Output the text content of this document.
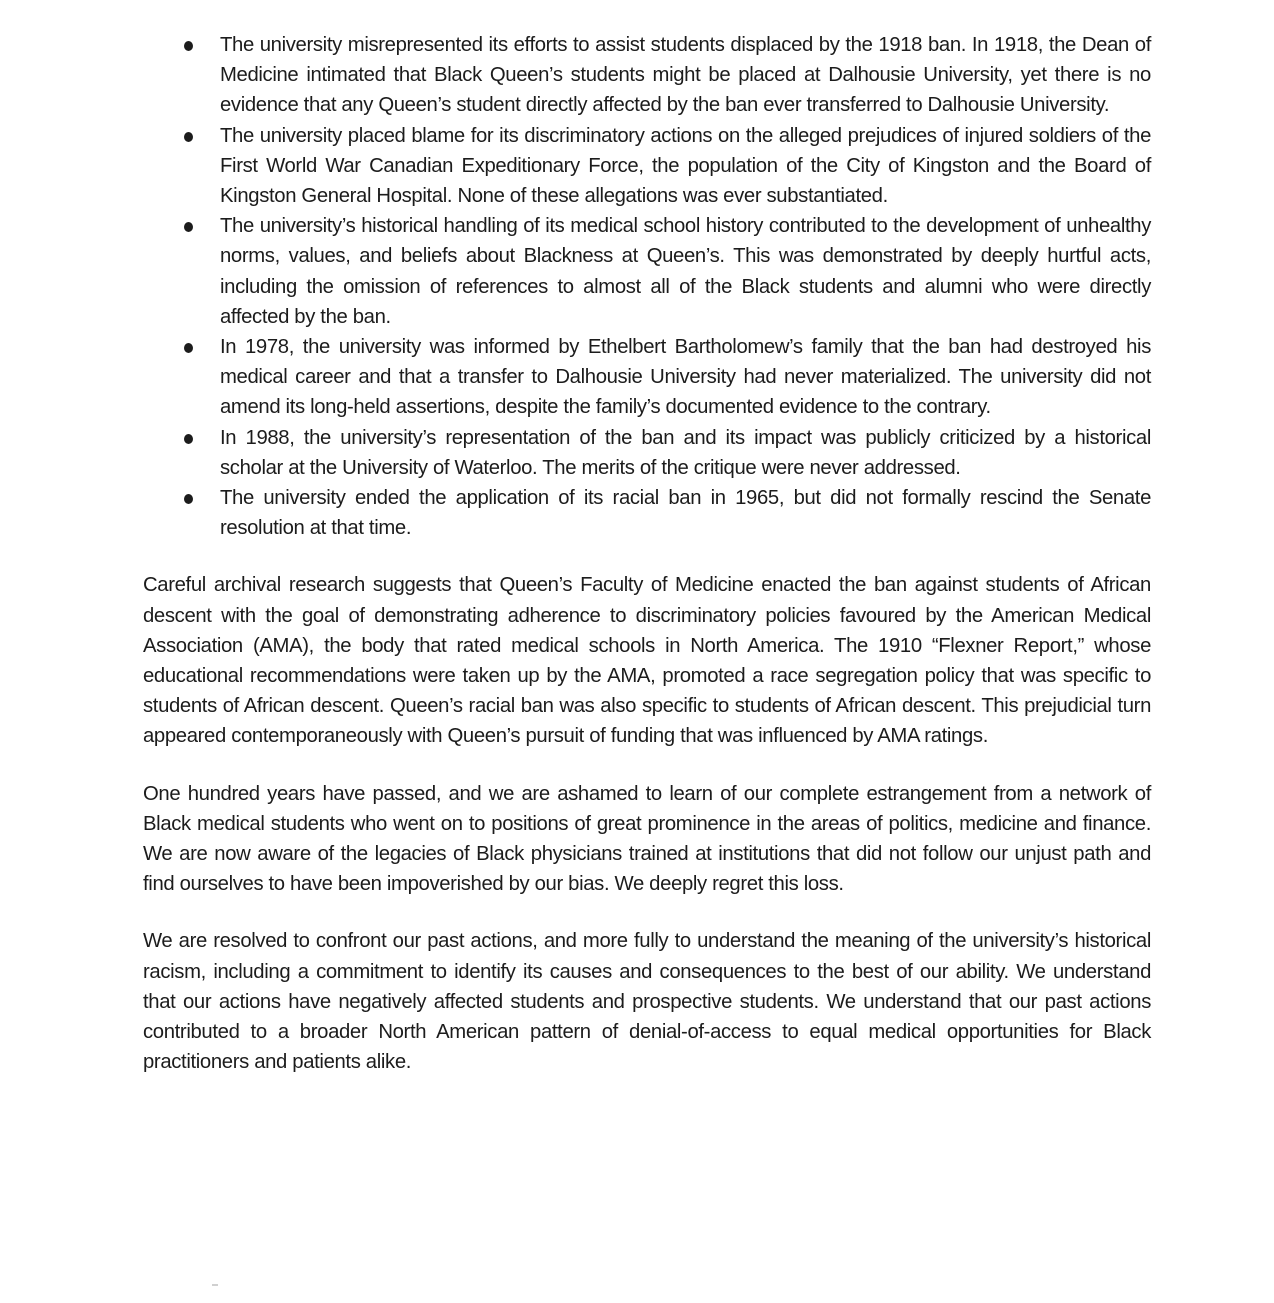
The university misrepresented its efforts to assist students displaced by the 1918 ban. In 1918, the Dean of Medicine intimated that Black Queen’s students might be placed at Dalhousie University, yet there is no evidence that any Queen’s student directly affected by the ban ever transferred to Dalhousie University.
The university placed blame for its discriminatory actions on the alleged prejudices of injured soldiers of the First World War Canadian Expeditionary Force, the population of the City of Kingston and the Board of Kingston General Hospital. None of these allegations was ever substantiated.
The university’s historical handling of its medical school history contributed to the development of unhealthy norms, values, and beliefs about Blackness at Queen’s. This was demonstrated by deeply hurtful acts, including the omission of references to almost all of the Black students and alumni who were directly affected by the ban.
In 1978, the university was informed by Ethelbert Bartholomew’s family that the ban had destroyed his medical career and that a transfer to Dalhousie University had never materialized. The university did not amend its long-held assertions, despite the family’s documented evidence to the contrary.
In 1988, the university’s representation of the ban and its impact was publicly criticized by a historical scholar at the University of Waterloo. The merits of the critique were never addressed.
The university ended the application of its racial ban in 1965, but did not formally rescind the Senate resolution at that time.

Careful archival research suggests that Queen’s Faculty of Medicine enacted the ban against students of African descent with the goal of demonstrating adherence to discriminatory policies favoured by the American Medical Association (AMA), the body that rated medical schools in North America. The 1910 “Flexner Report,” whose educational recommendations were taken up by the AMA, promoted a race segregation policy that was specific to students of African descent. Queen’s racial ban was also specific to students of African descent. This prejudicial turn appeared contemporaneously with Queen’s pursuit of funding that was influenced by AMA ratings.

One hundred years have passed, and we are ashamed to learn of our complete estrangement from a network of Black medical students who went on to positions of great prominence in the areas of politics, medicine and finance. We are now aware of the legacies of Black physicians trained at institutions that did not follow our unjust path and find ourselves to have been impoverished by our bias. We deeply regret this loss.

We are resolved to confront our past actions, and more fully to understand the meaning of the university’s historical racism, including a commitment to identify its causes and consequences to the best of our ability. We understand that our actions have negatively affected students and prospective students. We understand that our past actions contributed to a broader North American pattern of denial-of-access to equal medical opportunities for Black practitioners and patients alike.
